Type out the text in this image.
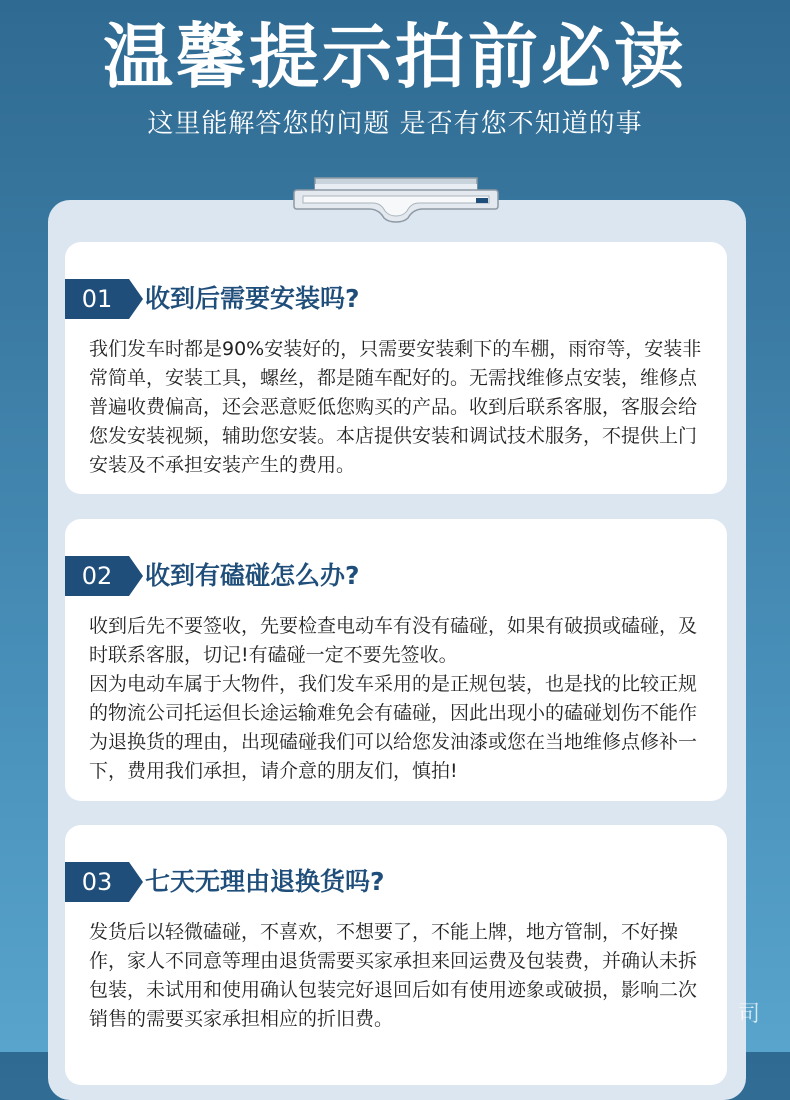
温馨提示拍前必读
这里能解答您的问题 是否有您不知道的事
01	收到后需要安装吗?

我们发车时都是90%安装好的，只需要安装剩下的车棚，雨帘等，安装非常简单，安装工具，螺丝，都是随车配好的。无需找维修点安装，维修点普遍收费偏高，还会恶意贬低您购买的产品。收到后联系客服，客服会给您发安装视频，辅助您安装。本店提供安装和调试技术服务，不提供上门安装及不承担安装产生的费用。

02	收到有磕碰怎么办?

收到后先不要签收，先要检查电动车有没有磕碰，如果有破损或磕碰，及时联系客服，切记!有磕碰一定不要先签收。

因为电动车属于大物件，我们发车采用的是正规包装，也是找的比较正规的物流公司托运但长途运输难免会有磕碰，因此出现小的磕碰划伤不能作为退换货的理由，出现磕碰我们可以给您发油漆或您在当地维修点修补一下，费用我们承担，请介意的朋友们，慎拍!

03	七天无理由退换货吗?

发货后以轻微磕碰，不喜欢，不想要了，不能上牌，地方管制，不好操作，家人不同意等理由退货需要买家承担来回运费及包装费，并确认未拆包装，未试用和使用确认包装完好退回后如有使用迹象或破损，影响二次销售的需要买家承担相应的折旧费。	司
